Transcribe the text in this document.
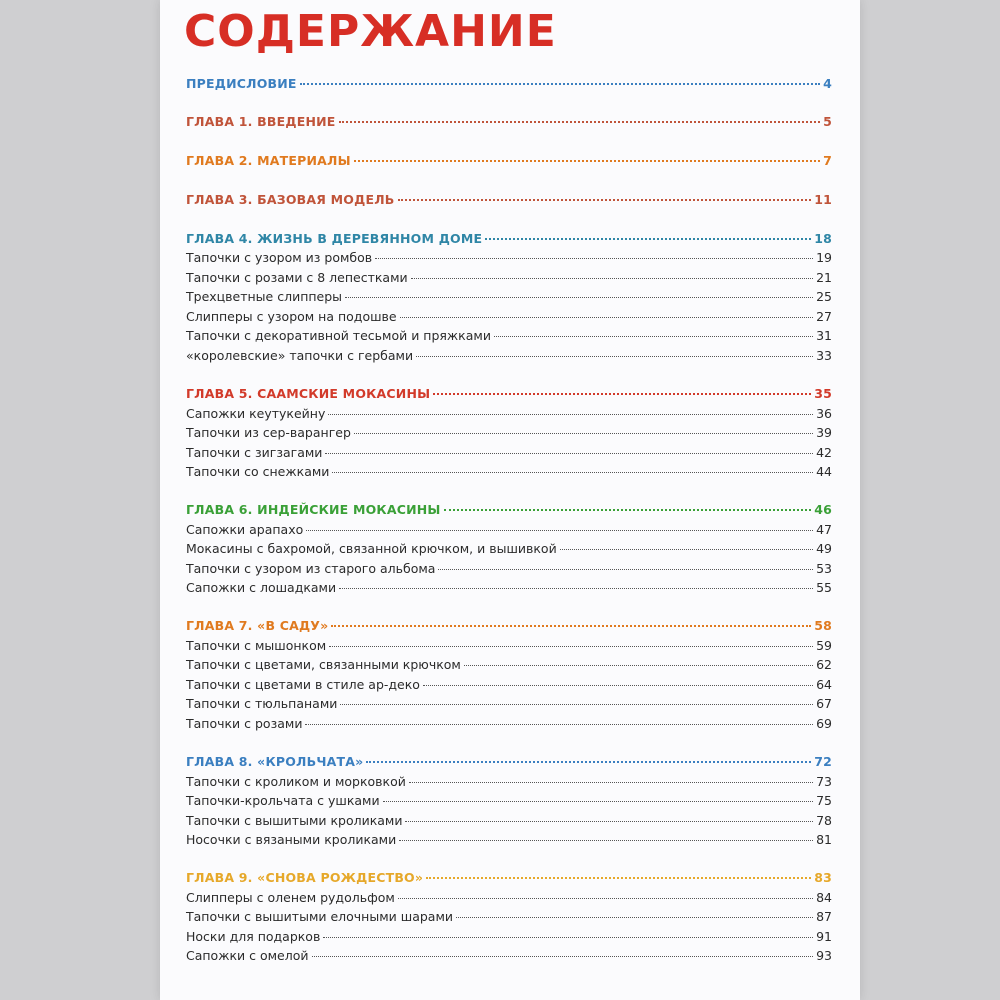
СОДЕРЖАНИЕ
ПРЕДИСЛОВИЕ	4
ГЛАВА 1. ВВЕДЕНИЕ	5
ГЛАВА 2. МАТЕРИАЛЫ	7
ГЛАВА 3. БАЗОВАЯ МОДЕЛЬ	11
ГЛАВА 4. ЖИЗНЬ В ДЕРЕВЯННОМ ДОМЕ	18
Тапочки с узором из ромбов	19
Тапочки с розами с 8 лепестками	21
Трехцветные слипперы	25
Слипперы с узором на подошве	27
Тапочки с декоративной тесьмой и пряжками	31
«королевские» тапочки с гербами	33
ГЛАВА 5. СААМСКИЕ МОКАСИНЫ	35
Сапожки кеутукейну	36
Тапочки из сер-варангер	39
Тапочки с зигзагами	42
Тапочки со снежками	44
ГЛАВА 6. ИНДЕЙСКИЕ МОКАСИНЫ	46
Сапожки арапахо	47
Мокасины с бахромой, связанной крючком, и вышивкой	49
Тапочки с узором из старого альбома	53
Сапожки с лошадками	55
ГЛАВА 7. «В САДУ»	58
Тапочки с мышонком	59
Тапочки с цветами, связанными крючком	62
Тапочки с цветами в стиле ар-деко	64
Тапочки с тюльпанами	67
Тапочки с розами	69
ГЛАВА 8. «КРОЛЬЧАТА»	72
Тапочки с кроликом и морковкой	73
Тапочки-крольчата с ушками	75
Тапочки с вышитыми кроликами	78
Носочки с вязаными кроликами	81
ГЛАВА 9. «СНОВА РОЖДЕСТВО»	83
Слипперы с оленем рудольфом	84
Тапочки с вышитыми елочными шарами	87
Носки для подарков	91
Сапожки с омелой	93
